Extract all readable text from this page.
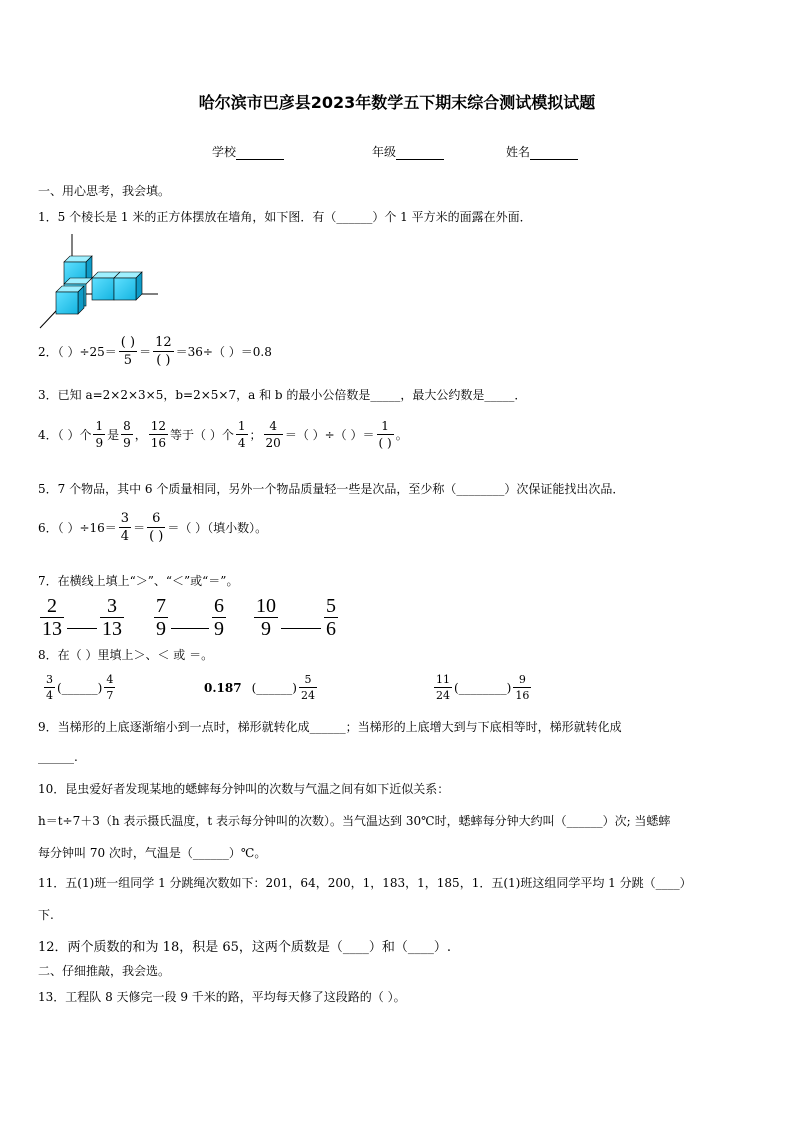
哈尔滨市巴彦县2023年数学五下期末综合测试模拟试题
学校	年级	姓名
一、用心思考，我会填。
1．5 个棱长是 1 米的正方体摆放在墙角，如下图．有（______）个 1 平方米的面露在外面．
2．（ ）$\div 25= \frac{( )}{5} = \frac{12}{( )} =36\div$（ ）＝0.8
3．已知 a=2×2×3×5，b=2×5×7，a 和 b 的最小公倍数是_____，最大公约数是_____．
4．（ ）个 $\frac{1}{9}$ 是 $\frac{8}{9}$ ， $\frac{12}{16}$ 等于（ ）个 $\frac{1}{4}$ ； $\frac{4}{20}$ ＝（ ）÷（ ）＝ $\frac{1}{( )}$ 。
5．7 个物品，其中 6 个质量相同，另外一个物品质量轻一些是次品，至少称（________）次保证能找出次品．
6．（ ）$\div 16= \frac{3}{4} = \frac{6}{( )}$ ＝（ ）（填小数）。
7．在横线上填上“＞”、“＜”或“＝”。
2
13
3
13
7
9
6
9
10
9
5
6
8．在（ ）里填上＞、＜ 或 ＝。
$\frac{3}{4}$ (______) $\frac{4}{7}$	0.187 (______) $\frac{5}{24}$	$\frac{11}{24}$ (________) $\frac{9}{16}$
9．当梯形的上底逐渐缩小到一点时，梯形就转化成______；当梯形的上底增大到与下底相等时，梯形就转化成
______.
10．昆虫爱好者发现某地的蟋蟀每分钟叫的次数与气温之间有如下近似关系：
h＝t÷7＋3（h 表示摄氏温度，t 表示每分钟叫的次数）。当气温达到 30℃时，蟋蟀每分钟大约叫（______）次; 当蟋蟀
每分钟叫 70 次时，气温是（______）℃。
11．五(1)班一组同学 1 分跳绳次数如下：201，64，200，1，183，1，185，1．五(1)班这组同学平均 1 分跳（____）
下.
12．两个质数的和为 18，积是 65，这两个质数是（____）和（____）.
二、仔细推敲，我会选。
13．工程队 8 天修完一段 9 千米的路，平均每天修了这段路的（ ）。
